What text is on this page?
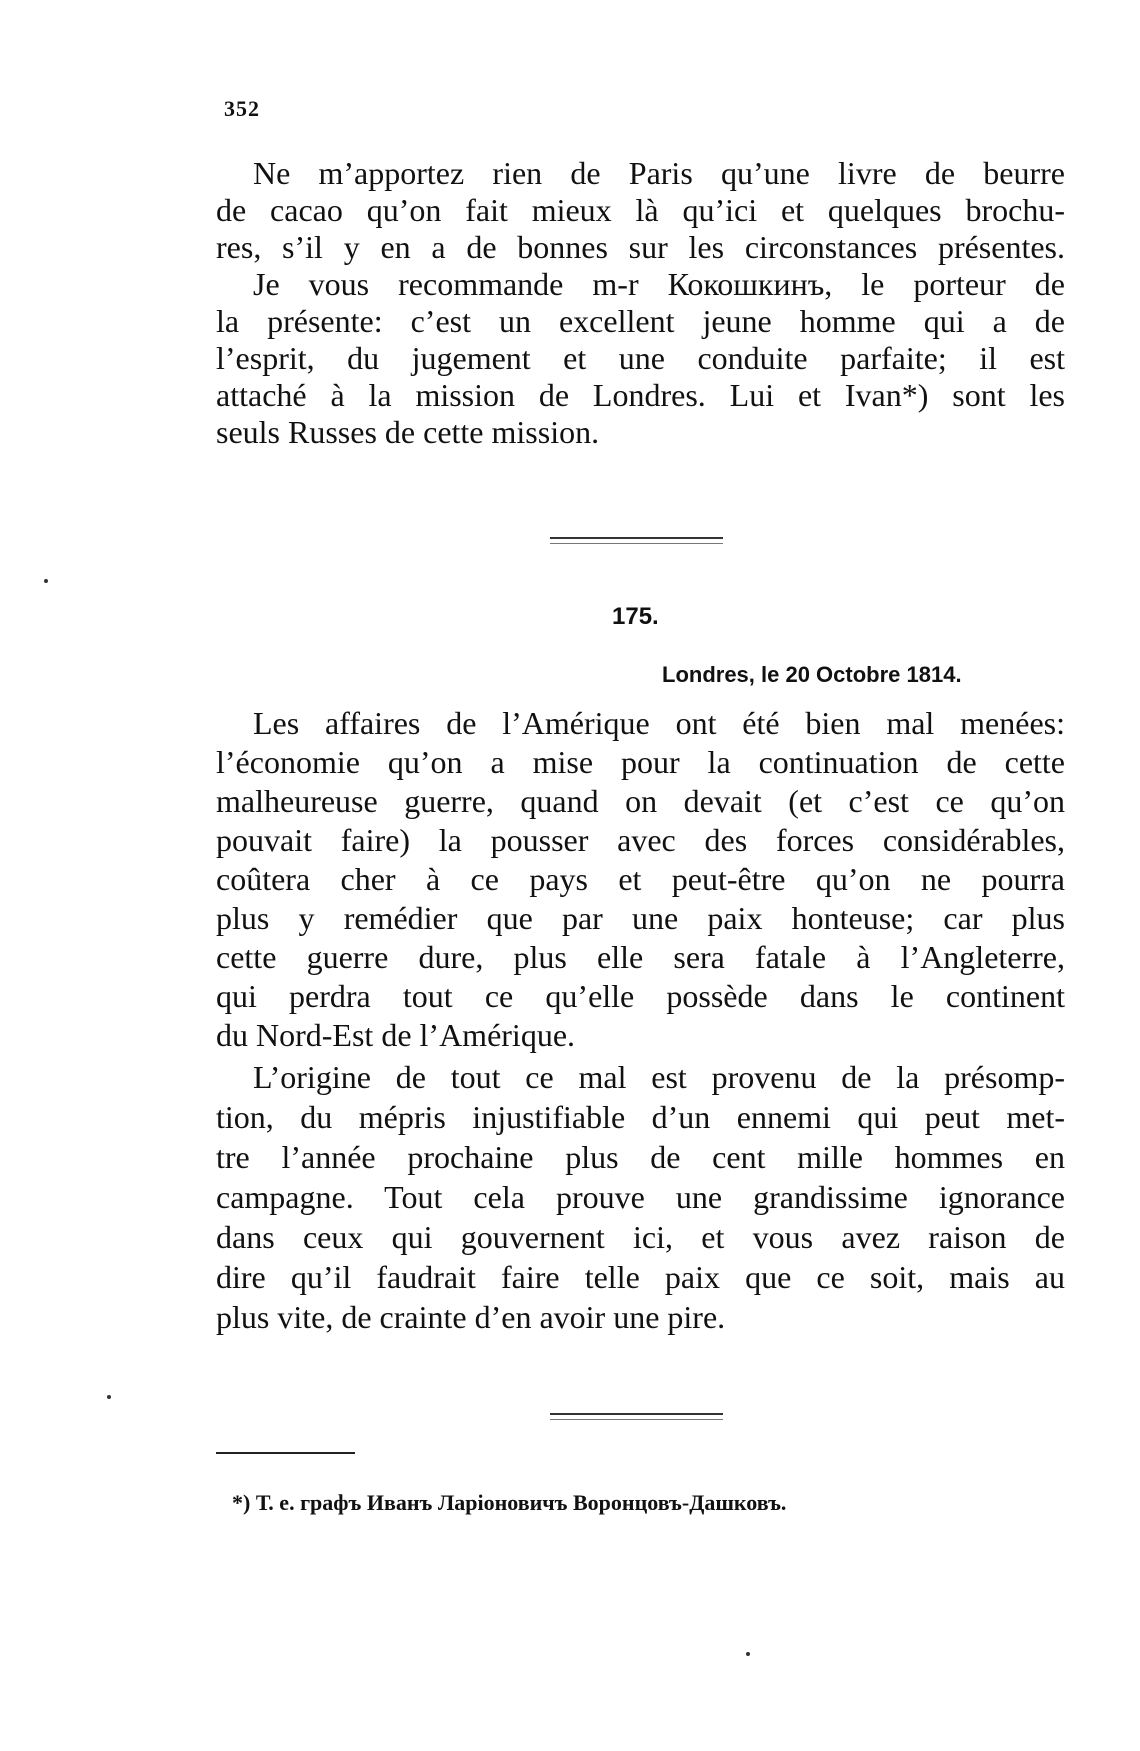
352
Ne m’apportez rien de Paris qu’une livre de beurre
de cacao qu’on fait mieux là qu’ici et quelques brochu-
res, s’il y en a de bonnes sur les circonstances présentes.
Je vous recommande m-r Кокошкинъ, le porteur de
la présente: c’est un excellent jeune homme qui a de
l’esprit, du jugement et une conduite parfaite; il est
attaché à la mission de Londres. Lui et Ivan*) sont les
seuls Russes de cette mission.
175.
Londres, le 20 Octobre 1814.
Les affaires de l’Amérique ont été bien mal menées:
l’économie qu’on a mise pour la continuation de cette
malheureuse guerre, quand on devait (et c’est ce qu’on
pouvait faire) la pousser avec des forces considérables,
coûtera cher à ce pays et peut-être qu’on ne pourra
plus y remédier que par une paix honteuse; car plus
cette guerre dure, plus elle sera fatale à l’Angleterre,
qui perdra tout ce qu’elle possède dans le continent
du Nord-Est de l’Amérique.
L’origine de tout ce mal est provenu de la présomp-
tion, du mépris injustifiable d’un ennemi qui peut met-
tre l’année prochaine plus de cent mille hommes en
campagne. Tout cela prouve une grandissime ignorance
dans ceux qui gouvernent ici, et vous avez raison de
dire qu’il faudrait faire telle paix que ce soit, mais au
plus vite, de crainte d’en avoir une pire.
*) Т. е. графъ Иванъ Ларіоновичъ Воронцовъ-Дашковъ.
